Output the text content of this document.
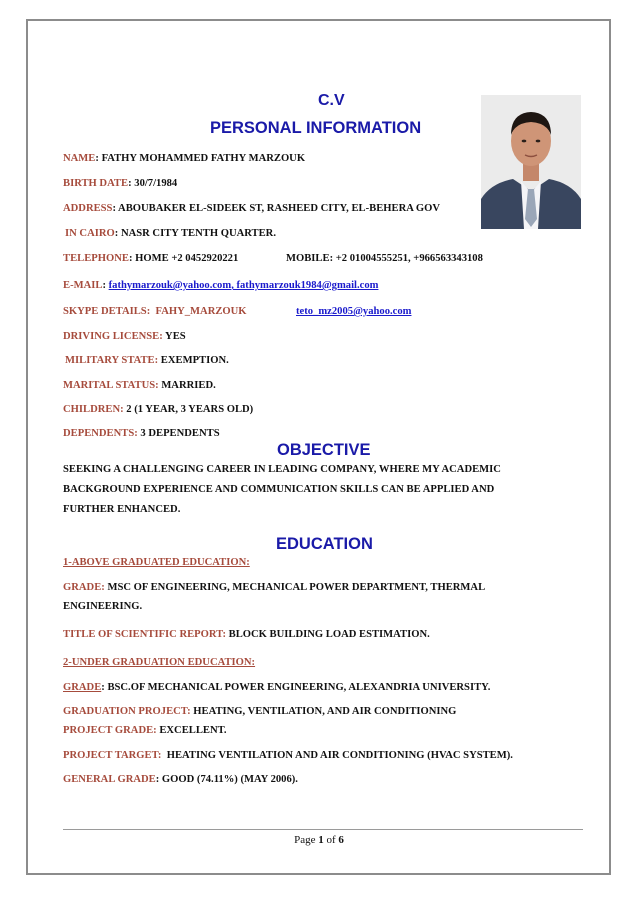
C.V
PERSONAL INFORMATION
NAME: FATHY MOHAMMED FATHY MARZOUK
BIRTH DATE: 30/7/1984
ADDRESS: ABOUBAKER EL-SIDEEK ST, RASHEED CITY, EL-BEHERA GOV
IN CAIRO: NASR CITY TENTH QUARTER.
TELEPHONE: HOME +2 0452920221	MOBILE: +2 01004555251, +966563343108
E-MAIL: fathymarzouk@yahoo.com, fathymarzouk1984@gmail.com
SKYPE DETAILS: FAHY_MARZOUK	teto_mz2005@yahoo.com
DRIVING LICENSE: YES
MILITARY STATE: EXEMPTION.
MARITAL STATUS: MARRIED.
CHILDREN: 2 (1 YEAR, 3 YEARS OLD)
DEPENDENTS: 3 DEPENDENTS
OBJECTIVE
SEEKING A CHALLENGING CAREER IN LEADING COMPANY, WHERE MY ACADEMIC
BACKGROUND EXPERIENCE AND COMMUNICATION SKILLS CAN BE APPLIED AND
FURTHER ENHANCED.
EDUCATION
1-ABOVE GRADUATED EDUCATION:
GRADE: MSC OF ENGINEERING, MECHANICAL POWER DEPARTMENT, THERMAL
ENGINEERING.
TITLE OF SCIENTIFIC REPORT: BLOCK BUILDING LOAD ESTIMATION.
2-UNDER GRADUATION EDUCATION:
GRADE: BSC.OF MECHANICAL POWER ENGINEERING, ALEXANDRIA UNIVERSITY.
GRADUATION PROJECT: HEATING, VENTILATION, AND AIR CONDITIONING
PROJECT GRADE: EXCELLENT.
PROJECT TARGET: HEATING VENTILATION AND AIR CONDITIONING (HVAC SYSTEM).
GENERAL GRADE: GOOD (74.11%) (MAY 2006).
Page 1 of 6
